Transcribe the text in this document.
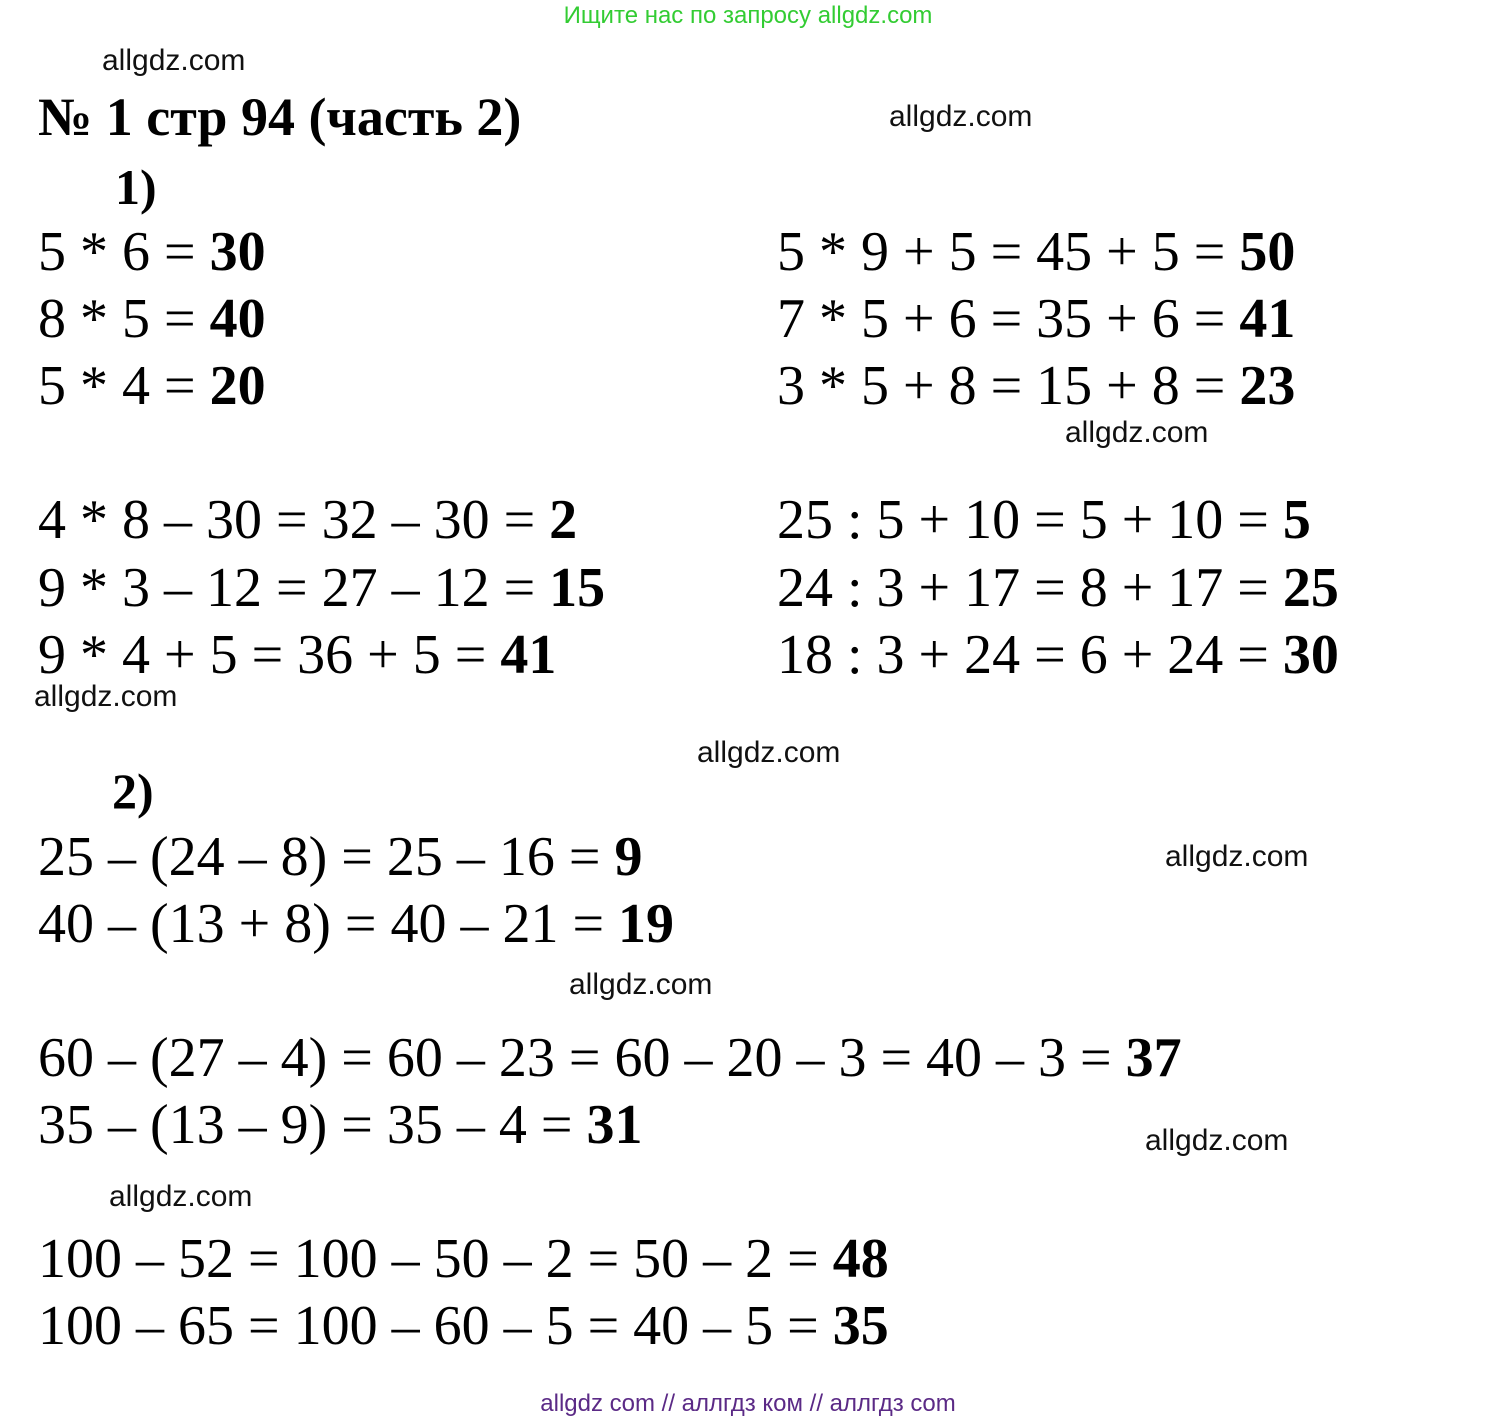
Ищите нас по запросу allgdz.com
№ 1 стр 94 (часть 2)
1)
2)
5 * 6 = 30
8 * 5 = 40
5 * 4 = 20
4 * 8 – 30 = 32 – 30 = 2
9 * 3 – 12 = 27 – 12 = 15
9 * 4 + 5 = 36 + 5 = 41
5 * 9 + 5 = 45 + 5 = 50
7 * 5 + 6 = 35 + 6 = 41
3 * 5 + 8 = 15 + 8 = 23
25 : 5 + 10 = 5 + 10 = 5
24 : 3 + 17 = 8 + 17 = 25
18 : 3 + 24 = 6 + 24 = 30
25 – (24 – 8) = 25 – 16 = 9
40 – (13 + 8) = 40 – 21 = 19
60 – (27 – 4) = 60 – 23 = 60 – 20 – 3 = 40 – 3 = 37
35 – (13 – 9) = 35 – 4 = 31
100 – 52 = 100 – 50 – 2 = 50 – 2 = 48
100 – 65 = 100 – 60 – 5 = 40 – 5 = 35
allgdz.com
allgdz.com
allgdz.com
allgdz.com
allgdz.com
allgdz.com
allgdz.com
allgdz.com
allgdz.com
allgdz com // аллгдз ком // аллгдз com
